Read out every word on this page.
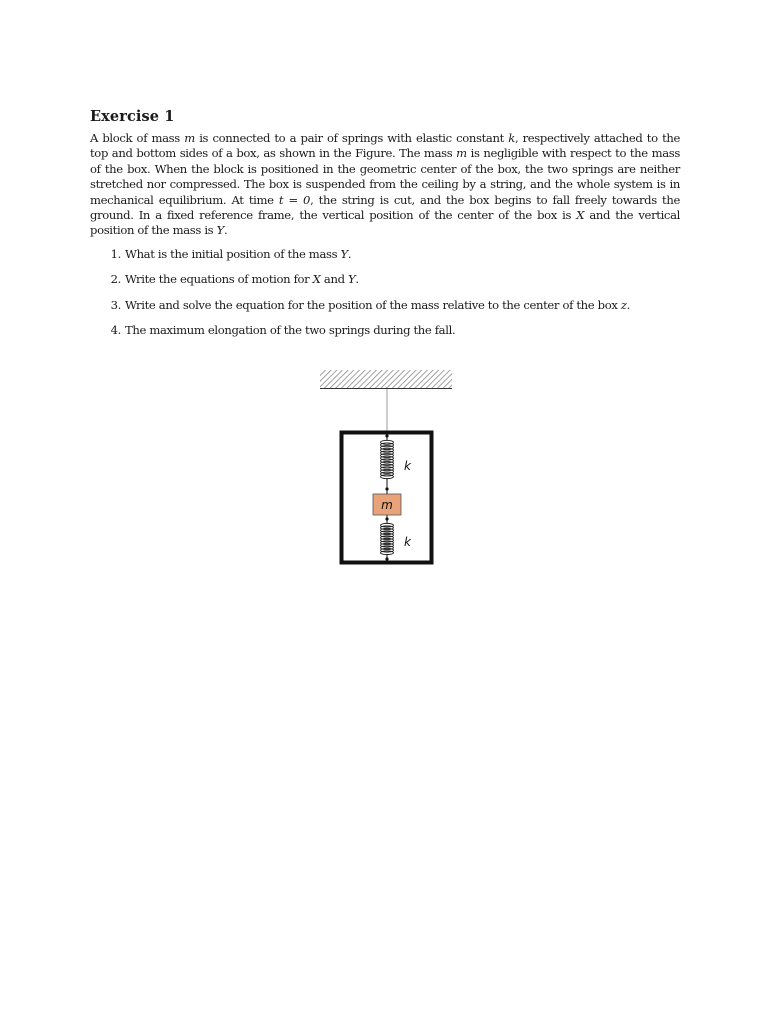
Exercise 1

A block of mass m is connected to a pair of springs with elastic constant k, respectively attached to the top and bottom sides of a box, as shown in the Figure. The mass m is negligible with respect to the mass of the box. When the block is positioned in the geometric center of the box, the two springs are neither stretched nor compressed. The box is suspended from the ceiling by a string, and the whole system is in mechanical equilibrium. At time t = 0, the string is cut, and the box begins to fall freely towards the ground. In a fixed reference frame, the vertical position of the center of the box is X and the vertical position of the mass is Y.

1. What is the initial position of the mass Y.
2. Write the equations of motion for X and Y.
3. Write and solve the equation for the position of the mass relative to the center of the box z.
4. The maximum elongation of the two springs during the fall.
m
k
k
